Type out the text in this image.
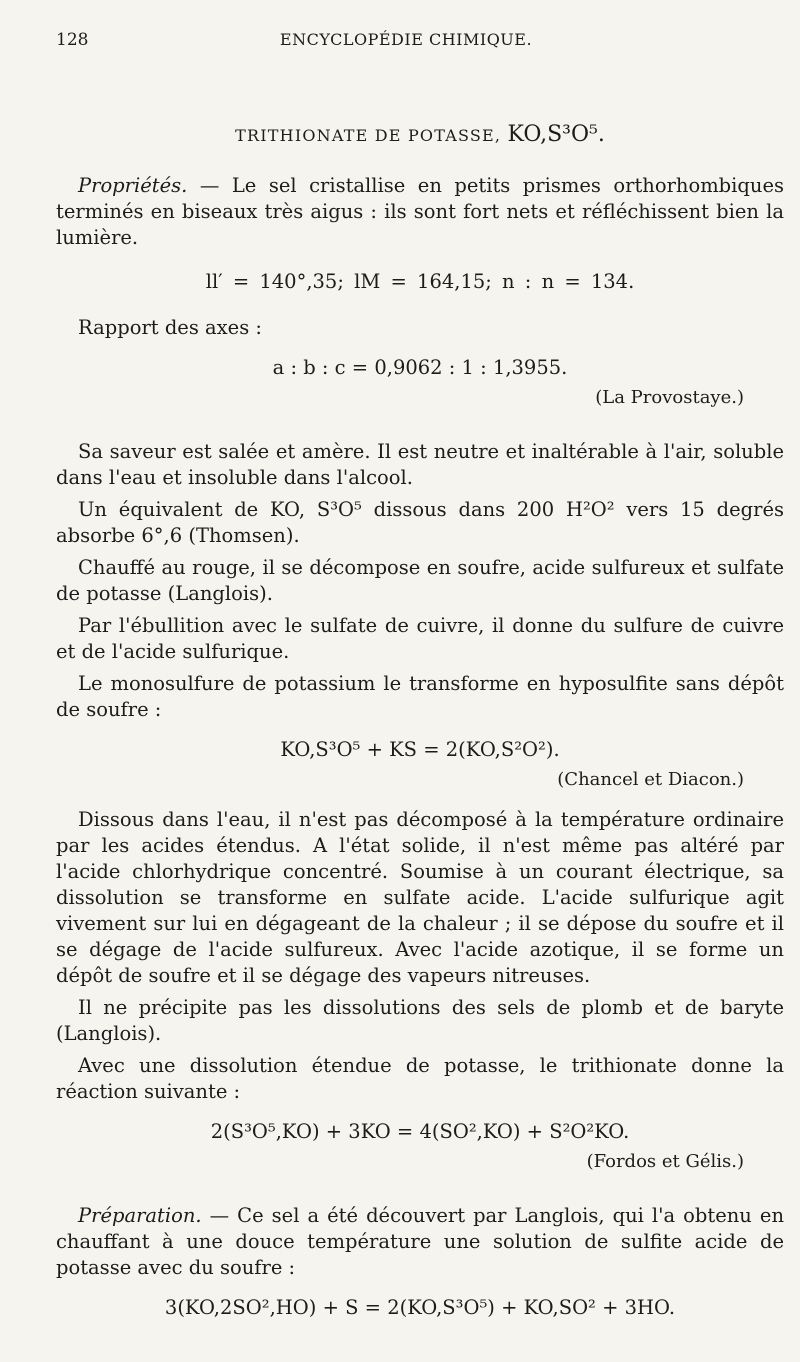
128	ENCYCLOPÉDIE CHIMIQUE.
TRITHIONATE DE POTASSE, KO,S³O⁵.

Propriétés. — Le sel cristallise en petits prismes orthorhombiques terminés en biseaux très aigus : ils sont fort nets et réfléchissent bien la lumière.

ll′ = 140°,35; lM = 164,15; n : n = 134.

Rapport des axes :

a : b : c = 0,9062 : 1 : 1,3955.
(La Provostaye.)

Sa saveur est salée et amère. Il est neutre et inaltérable à l'air, soluble dans l'eau et insoluble dans l'alcool.

Un équivalent de KO, S³O⁵ dissous dans 200 H²O² vers 15 degrés absorbe 6°,6 (Thomsen).

Chauffé au rouge, il se décompose en soufre, acide sulfureux et sulfate de potasse (Langlois).

Par l'ébullition avec le sulfate de cuivre, il donne du sulfure de cuivre et de l'acide sulfurique.

Le monosulfure de potassium le transforme en hyposulfite sans dépôt de soufre :

KO,S³O⁵ + KS = 2(KO,S²O²).
(Chancel et Diacon.)

Dissous dans l'eau, il n'est pas décomposé à la température ordinaire par les acides étendus. A l'état solide, il n'est même pas altéré par l'acide chlorhydrique concentré. Soumise à un courant électrique, sa dissolution se transforme en sulfate acide. L'acide sulfurique agit vivement sur lui en dégageant de la chaleur ; il se dépose du soufre et il se dégage de l'acide sulfureux. Avec l'acide azotique, il se forme un dépôt de soufre et il se dégage des vapeurs nitreuses.

Il ne précipite pas les dissolutions des sels de plomb et de baryte (Langlois).

Avec une dissolution étendue de potasse, le trithionate donne la réaction suivante :

2(S³O⁵,KO) + 3KO = 4(SO²,KO) + S²O²KO.
(Fordos et Gélis.)

Préparation. — Ce sel a été découvert par Langlois, qui l'a obtenu en chauffant à une douce température une solution de sulfite acide de potasse avec du soufre :

3(KO,2SO²,HO) + S = 2(KO,S³O⁵) + KO,SO² + 3HO.
